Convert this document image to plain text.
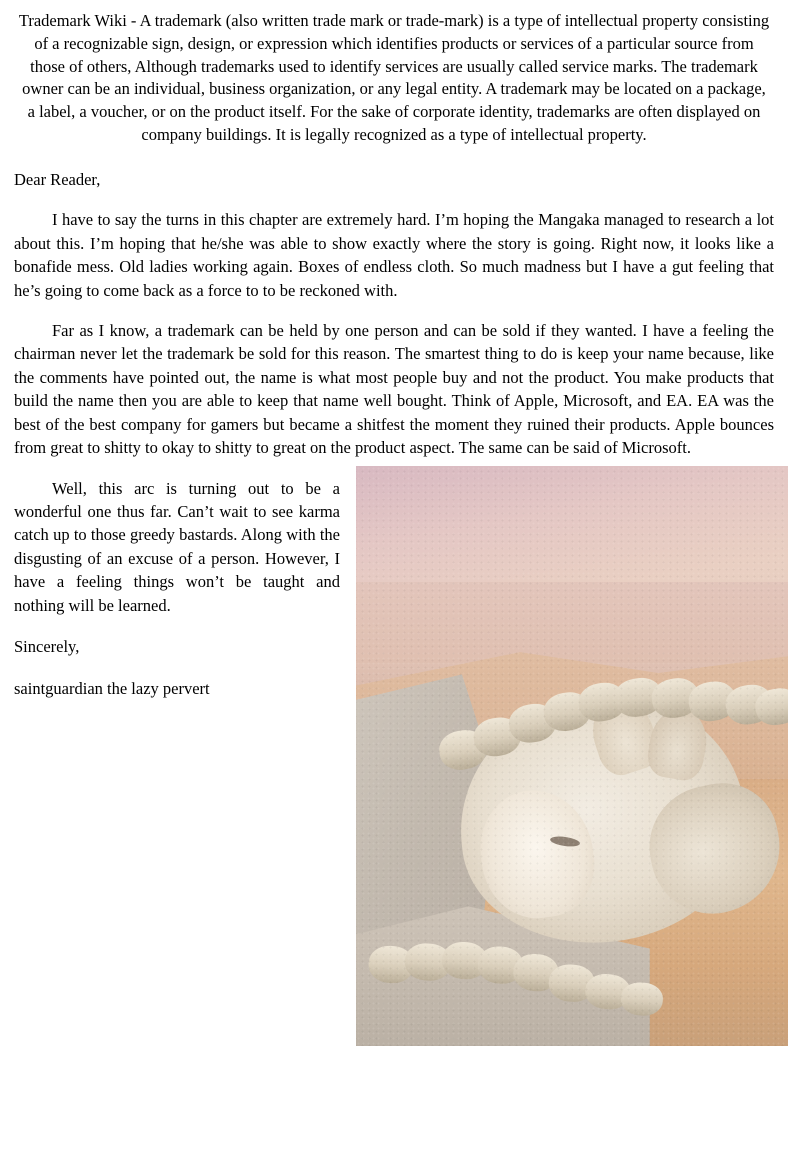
Trademark Wiki - A trademark (also written trade mark or trade-mark) is a type of intellectual property consisting of a recognizable sign, design, or expression which identifies products or services of a particular source from those of others, Although trademarks used to identify services are usually called service marks. The trademark owner can be an individual, business organization, or any legal entity. A trademark may be located on a package, a label, a voucher, or on the product itself. For the sake of corporate identity, trademarks are often displayed on company buildings. It is legally recognized as a type of intellectual property.
Dear Reader,

I have to say the turns in this chapter are extremely hard. I’m hoping the Mangaka managed to research a lot about this. I’m hoping that he/she was able to show exactly where the story is going. Right now, it looks like a bonafide mess. Old ladies working again. Boxes of endless cloth. So much madness but I have a gut feeling that he’s going to come back as a force to to be reckoned with.

Far as I know, a trademark can be held by one person and can be sold if they wanted. I have a feeling the chairman never let the trademark be sold for this reason. The smartest thing to do is keep your name because, like the comments have pointed out, the name is what most people buy and not the product. You make products that build the name then you are able to keep that name well bought. Think of Apple, Microsoft, and EA. EA was the best of the best company for gamers but became a shitfest the moment they ruined their products. Apple bounces from great to shitty to okay to shitty to great on the product aspect. The same can be said of Microsoft.

Well, this arc is turning out to be a wonderful one thus far. Can’t wait to see karma catch up to those greedy bastards. Along with the disgusting of an excuse of a person. However, I have a feeling things won’t be taught and nothing will be learned.

Sincerely,
saintguardian the lazy pervert
